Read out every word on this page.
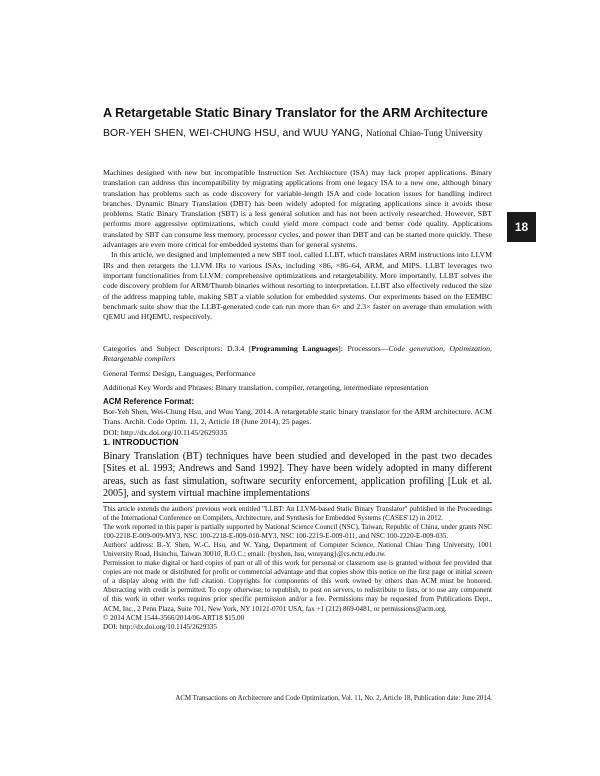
A Retargetable Static Binary Translator for the ARM Architecture
BOR-YEH SHEN, WEI-CHUNG HSU, and WUU YANG, National Chiao-Tung University
18

Machines designed with new but incompatible Instruction Set Architecture (ISA) may lack proper applications. Binary translation can address this incompatibility by migrating applications from one legacy ISA to a new one, although binary translation has problems such as code discovery for variable-length ISA and code location issues for handling indirect branches. Dynamic Binary Translation (DBT) has been widely adopted for migrating applications since it avoids those problems. Static Binary Translation (SBT) is a less general solution and has not been actively researched. However, SBT performs more aggressive optimizations, which could yield more compact code and better code quality. Applications translated by SBT can consume less memory, processor cycles, and power than DBT and can be started more quickly. These advantages are even more critical for embedded systems than for general systems.

In this article, we designed and implemented a new SBT tool, called LLBT, which translates ARM instructions into LLVM IRs and then retargets the LLVM IRs to various ISAs, including ×86, ×86–64, ARM, and MIPS. LLBT leverages two important functionalities from LLVM: comprehensive optimizations and retargetability. More importantly, LLBT solves the code discovery problem for ARM/Thumb binaries without resorting to interpretation. LLBT also effectively reduced the size of the address mapping table, making SBT a viable solution for embedded systems. Our experiments based on the EEMBC benchmark suite show that the LLBT-generated code can run more than 6× and 2.3× faster on average than emulation with QEMU and HQEMU, respectively.

Categories and Subject Descriptors: D.3.4 [Programming Languages]: Processors—Code generation, Optimization, Retargetable compilers
General Terms: Design, Languages, Performance
Additional Key Words and Phrases: Binary translation, compiler, retargeting, intermediate representation
ACM Reference Format:
Bor-Yeh Shen, Wei-Chung Hsu, and Wuu Yang. 2014. A retargetable static binary translator for the ARM architecture. ACM Trans. Archit. Code Optim. 11, 2, Article 18 (June 2014), 25 pages.
DOI: http://dx.doi.org/10.1145/2629335
1. INTRODUCTION
Binary Translation (BT) techniques have been studied and developed in the past two decades [Sites et al. 1993; Andrews and Sand 1992]. They have been widely adopted in many different areas, such as fast simulation, software security enforcement, application profiling [Luk et al. 2005], and system virtual machine implementations

This article extends the authors' previous work entitled "LLBT: An LLVM-based Static Binary Translator" published in the Proceedings of the International Conference on Compilers, Architecture, and Synthesis for Embedded Systems (CASES'12) in 2012.

The work reported in this paper is partially supported by National Science Council (NSC), Taiwan, Republic of China, under grants NSC 100-2218-E-009-009-MY3, NSC 100-2218-E-009-010-MY3, NSC 100-2219-E-009-011, and NSC 100-2220-E-009-035.

Authors' address: B.-Y. Shen, W.-C. Hsu, and W. Yang, Department of Computer Science, National Chiao Tung University, 1001 University Road, Hsinchu, Taiwan 30010, R.O.C.; email: {byshen, hsu, wuuyang}@cs.nctu.edu.tw.

Permission to make digital or hard copies of part or all of this work for personal or classroom use is granted without fee provided that copies are not made or distributed for profit or commercial advantage and that copies show this notice on the first page or initial screen of a display along with the full citation. Copyrights for components of this work owned by others than ACM must be honored. Abstracting with credit is permitted. To copy otherwise, to republish, to post on servers, to redistribute to lists, or to use any component of this work in other works requires prior specific permission and/or a fee. Permissions may be requested from Publications Dept., ACM, Inc., 2 Penn Plaza, Suite 701, New York, NY 10121-0701 USA, fax +1 (212) 869-0481, or permissions@acm.org.

© 2014 ACM 1544-3566/2014/06-ART18 $15.00

DOI: http://dx.doi.org/10.1145/2629335

ACM Transactions on Architecture and Code Optimization, Vol. 11, No. 2, Article 18, Publication date: June 2014.
